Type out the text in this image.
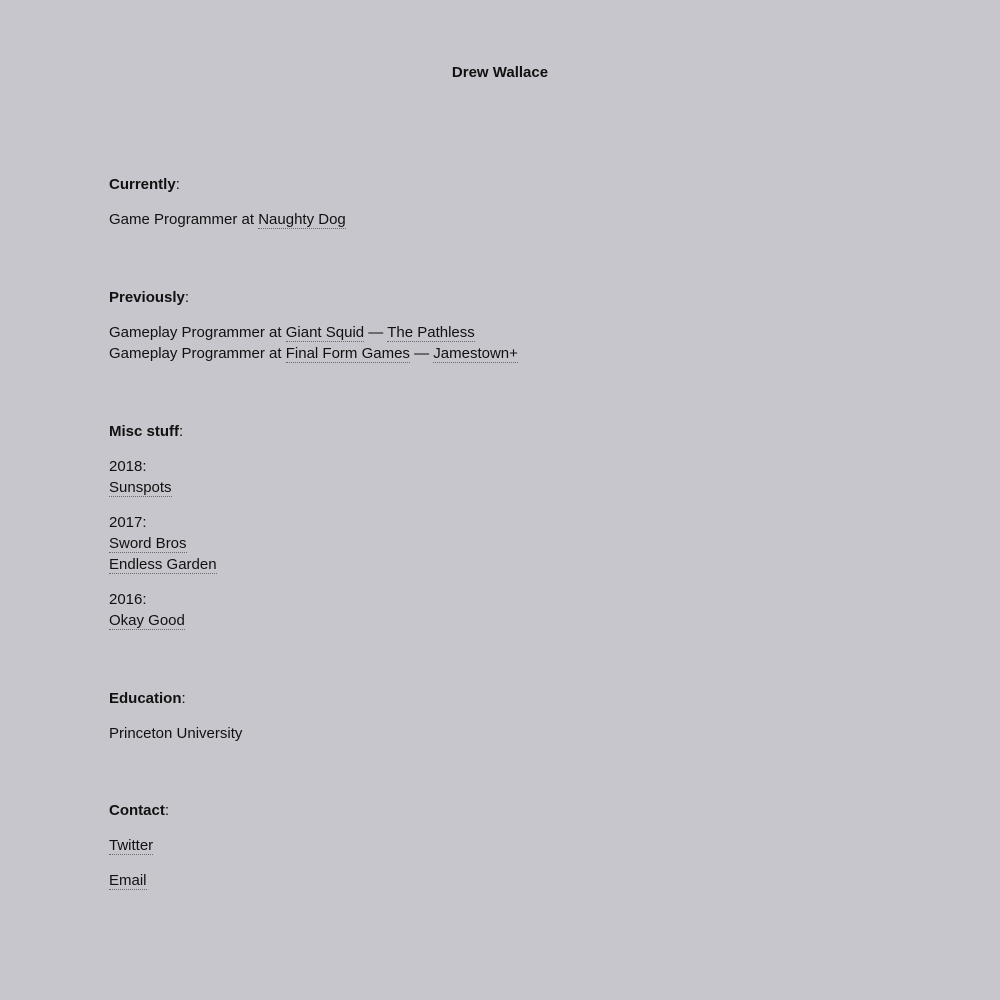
Drew Wallace
Currently:
Game Programmer at Naughty Dog
Previously:
Gameplay Programmer at Giant Squid — The Pathless
Gameplay Programmer at Final Form Games — Jamestown+
Misc stuff:
2018:
Sunspots
2017:
Sword Bros
Endless Garden
2016:
Okay Good
Education:
Princeton University
Contact:
Twitter
Email
